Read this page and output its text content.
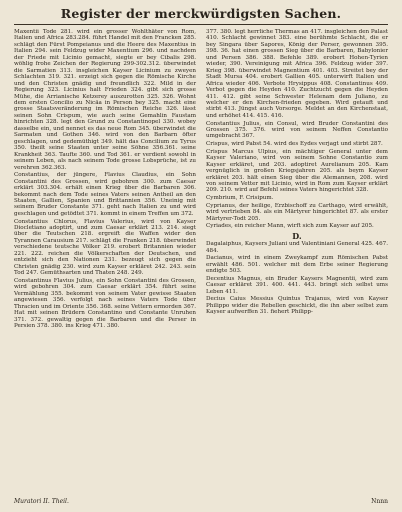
Register der merckwürdigsten Sachen.
Maxentii Tode 281. wird ein grosser Wohlthäter von Rom, Italien und Africa 283.284. führt Handel mit den Francken 285. schlägt den Fürst Pompeianus und die Heere des Maxentius in Italien 294. sein Feldzug wider Maxentium 296. und nachdem der Friede mit Licinio gemacht, siegte er bey Cibalis 298. wöhlig frohe Zeichen der Regierung 299-302.312. überwindet die Sarmatien 313. insgleichen Kayser Licinium zu zweyen Schlachten 319. 321. erzeigt sich gegen die Römische Kirche und den Christen gnädig und freundlich 322. Mild in der Regierung 323. Licinius halt Frieden 324. gibt sich grosse Mühe, die Arrianische Ketzerey auszurotten 325. 326. Wohnt dem ersten Concilio zu Nicäa in Person bey 325. macht eine grosse Staatsveränderung im Römischen Reiche 326. lässt seinen Sohn Crispum, wie auch seine Gemahlin Faustam hinrichten 328. legt den Grund zu Constantinopel 330. wobey dasselbe ein, und nennet es das neue Rom 345. überwindet die Sarmaten und Gothen 346. wird von den Barbarn öfter geschlagen, und gedemüthigt 349. hält das Concilium zu Tyrus 350. theilt seine Staaten unter seine Söhne 356.361. seine Krankheit 363. Taufte 360. und Tod 361. er verdient sowohl in seinem Leben, als nach seinem Tode grosse Lobsprüche, ist zu verehren 362.363.
Constantius, der jüngere, Flavius Claudius, ein Sohn Constantini des Grossen, wird gebohren 300. zum Caesar erklärt 303.304. erhält einen Krieg über die Barbaren 306. bekommt nach dem Tode seines Vaters seinen Antheil an den Staaten, Gallien, Spanien und Brittannien 356. Uneinig mit seinem Bruder Constante 371. geht nach Italien zu und wird geschlagen und getödtet 371. kommt in einem Treffen um 372.
Constantius Chlorus, Flavius Valerius, wird von Kayser Diocletiano adoptirt, und zum Caesar erklärt 213. 214. siegt über die Teutschen 218. ergreift die Waffen wider den Tyrannen Carausium 217. schlägt die Franken 218. überwindet verschiedene teutsche Völker 219. erobert Britannien wieder 221. 222. reichen die Völkerschaften der Deutschen, und entzieht sich den Nationen 231. bezeugt sich gegen die Christen gnädig 230. wird zum Kayser erkläret 242. 243. sein Tod 247. Gemüthsarten und Thaten 248. 249.
Constantinus Flavius Julius, ein Sohn Constantini des Grossen, wird gebohren 304. zum Caesar erklärt 354. führt seine Vermählung 355. bekommt von seinem Vater gewisse Staaten angewiesen 356. verfolgt nach seines Vaters Tode über Thracien und im Oriente 356. 368. seine Vettern ermorden 367. Hat mit seinen Brüdern Constantino und Constante Unruhen 371. 372. gewaltig gegen die Barbaren und die Perser in Persien 378. 380. ins Krieg 471. 380.
377. 380. legt herrliche Thermas an 417. insgleichen den Palast 410. Schlacht gewinnet 383. eine berühmte Schlacht, die er bey Singara über Sapores, König der Perser, gewonnen 395. 398. 36. hat einen grossen Sieg über die Barbaren, Babylonier und Persen 386. 388. Befehle 389. erobert Hohen-Tyrien wieder, 390. Vereinigung mit Africa 396. Feldzug wider 397. Krieg 398. überwindet Magnentium 401. 403. Streitet bey der Stadt Mursa 404. erobert Gallien 405. unterwirft Italien und Africa wieder 406. Verbote Hrysippus 408. Constantinus 409. Verbot gegen die Heyden 410. Zuchtzucht gegen die Heyden 411. 412. gibt seine Schwester Helenam dem Juliano, zu welcher er den Kirchen-frieden gegeben. Wird getauft und stirbt 413. Jüngst auch Vorsorge. Meldet an den Kirchenstaat, und erhöhet 414. 415. 416.
Constantius Julius, ein Consul, wird Bruder Constantini des Grossen 375. 376. wird von seinem Neffen Constantio umgebracht 367.
Crispus, wird Pabst 54. wird des Eydes verjagt und stirbt 287.
Crispus Marcus Ulpius, ein mächtiger General unter dem Kayser Valeriano, wird von seinem Sohne Constantio zum Kayser erkläret, und 203. adoptiret Aurelianum 205. Kam vergnüglich in großen Kriegsjahren 205. als beym Kayser erkläret 203. hält einen Sieg über die Alemannen, 208. wird von seinem Vetter mit Licinio, wird in Rom zum Kayser erklärt 209. 210. wird auf Befehl seines Vaters hingerichtet 328.
Cymbrium, F. Crisipum.
Cyprianus, der heilige, Erzbischoff zu Carthago, wird erwählt, wird vertrieben 84. als ein Märtyrer hingerichtet 87. als erster Märtyrer-Todt 205.
Cyriades, ein reicher Mann, wirft sich zum Kayser auf 205.
D.
Dagalaiphus, Kaysers Juliani und Valentiniani General 425. 467. 484.
Dacianus, wird in einem Zweykampf zum Römischen Pabst erwählt 486. 501. welcher mit dem Erbe seiner Regierung endigte 503.
Decentius Magnus, ein Bruder Kaysers Magnentii, wird zum Caesar erkläret 391. 400. 441. 443. bringt sich selbst ums Leben 411.
Decius Caius Messius Quintus Trajanus, wird von Kayser Philippo wider die Rebellen geschickt, die ihn aber selbst zum Kayser aufwerffen 31. fiehert Philipp-
Muratori II. Theil.	Nnnn
